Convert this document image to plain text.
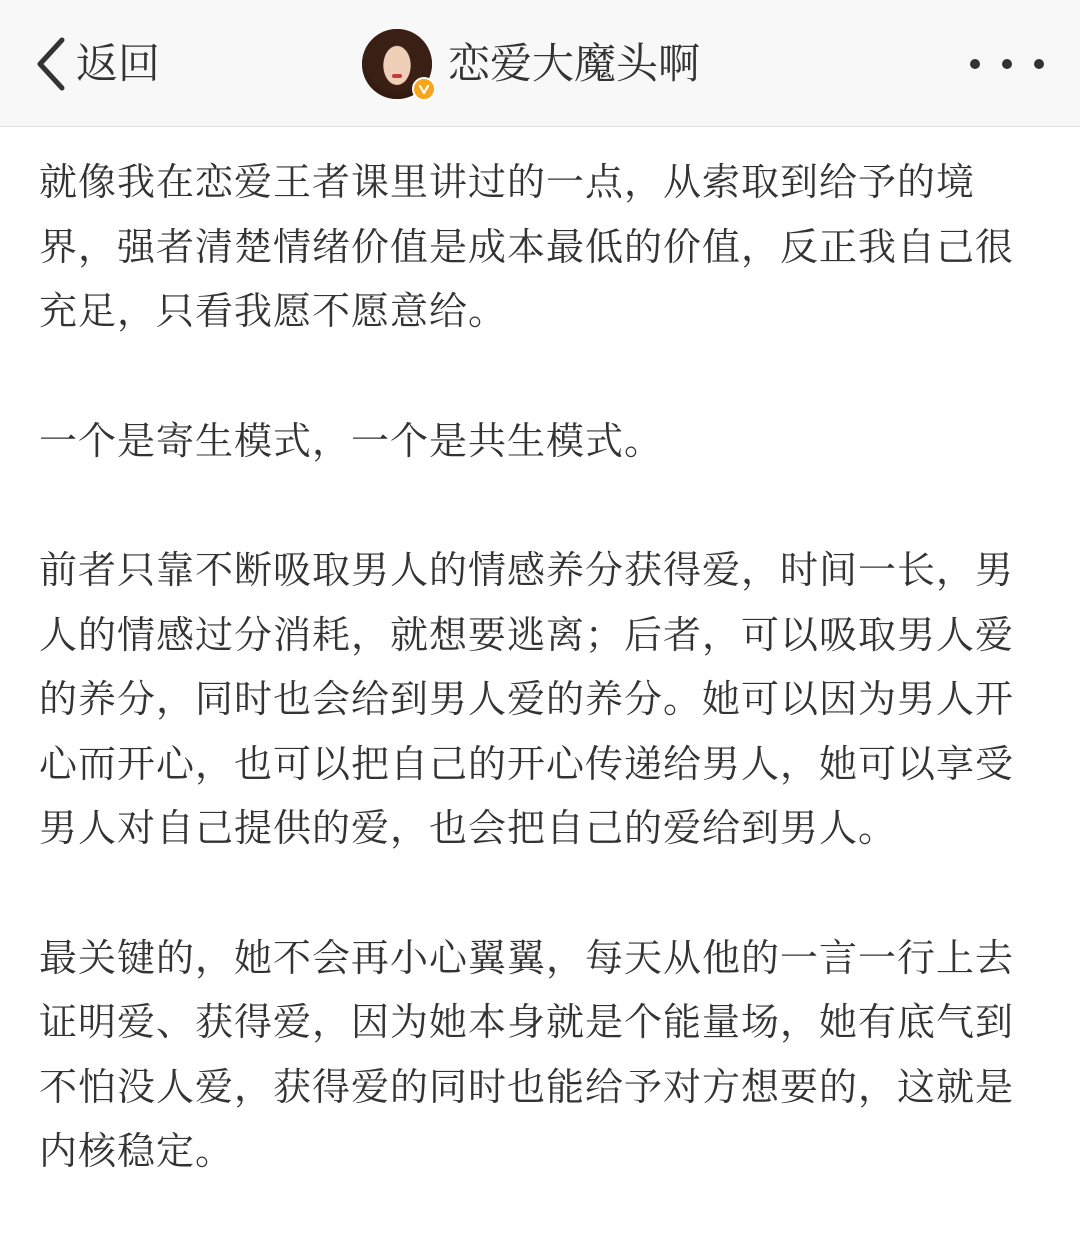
返回	恋爱大魔头啊

就像我在恋爱王者课里讲过的一点，从索取到给予的境界，强者清楚情绪价值是成本最低的价值，反正我自己很充足，只看我愿不愿意给。

一个是寄生模式，一个是共生模式。

前者只靠不断吸取男人的情感养分获得爱，时间一长，男人的情感过分消耗，就想要逃离；后者，可以吸取男人爱的养分，同时也会给到男人爱的养分。她可以因为男人开心而开心，也可以把自己的开心传递给男人，她可以享受男人对自己提供的爱，也会把自己的爱给到男人。

最关键的，她不会再小心翼翼，每天从他的一言一行上去证明爱、获得爱，因为她本身就是个能量场，她有底气到不怕没人爱，获得爱的同时也能给予对方想要的，这就是内核稳定。
